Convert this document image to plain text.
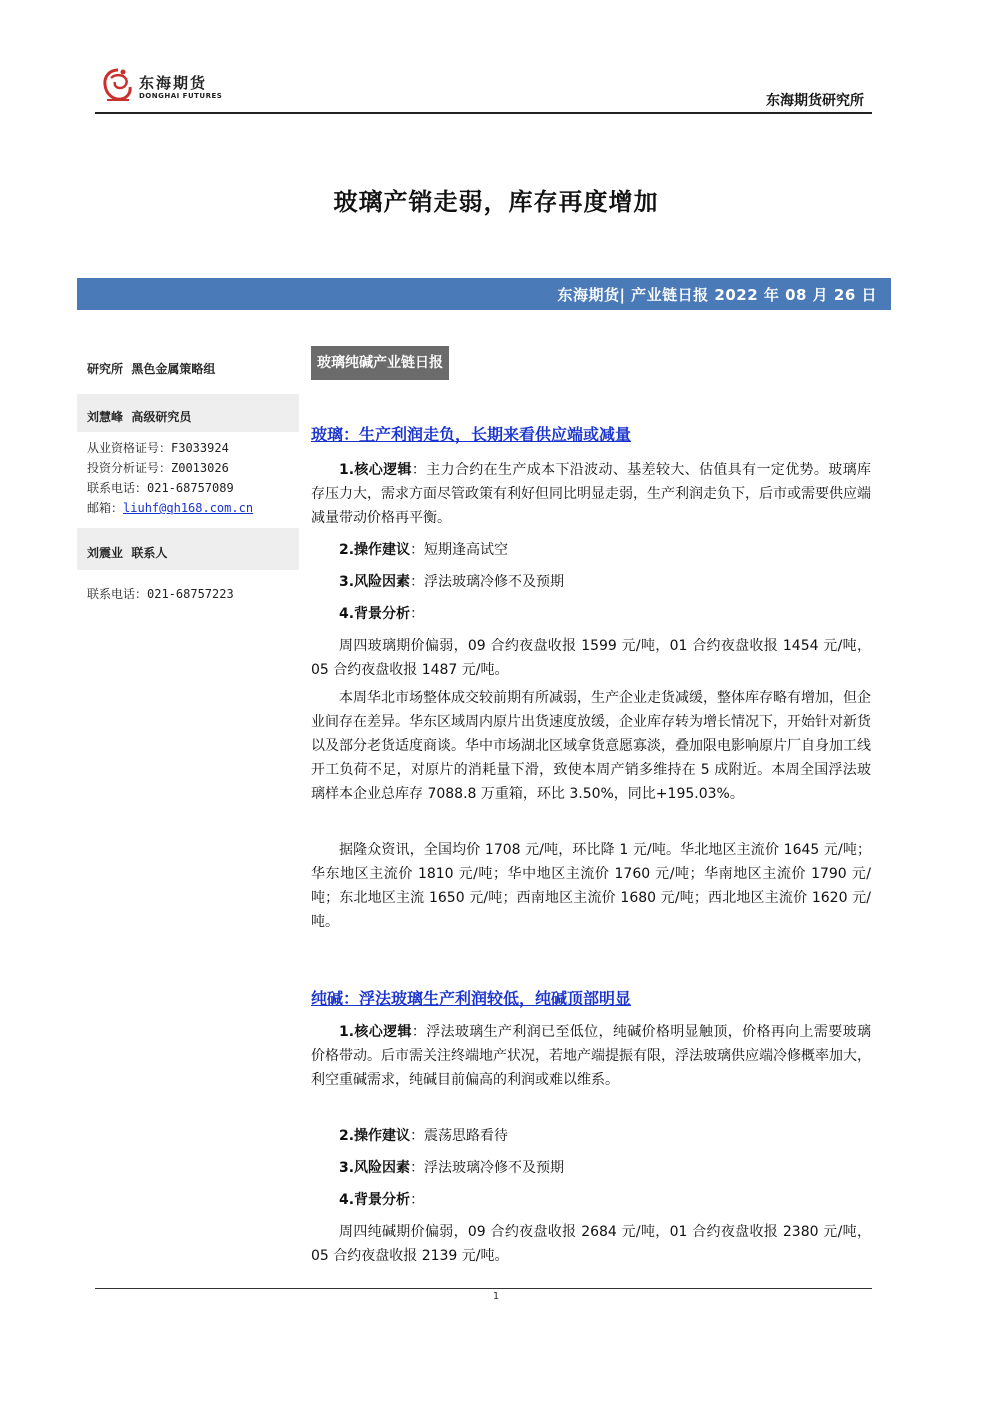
东海期货
DONGHAI FUTURES	东海期货研究所
玻璃产销走弱，库存再度增加
东海期货| 产业链日报 2022 年 08 月 26 日
研究所  黑色金属策略组
刘慧峰  高级研究员
从业资格证号：F3033924
投资分析证号：Z0013026
联系电话：021-68757089
邮箱：liuhf@qh168.com.cn
刘震业  联系人
联系电话：021-68757223
玻璃纯碱产业链日报
玻璃：生产利润走负，长期来看供应端或减量
1.核心逻辑：主力合约在生产成本下沿波动、基差较大、估值具有一定优势。玻璃库存压力大，需求方面尽管政策有利好但同比明显走弱，生产利润走负下，后市或需要供应端减量带动价格再平衡。
2.操作建议：短期逢高试空
3.风险因素：浮法玻璃冷修不及预期
4.背景分析：
周四玻璃期价偏弱，09 合约夜盘收报 1599 元/吨，01 合约夜盘收报 1454 元/吨，05 合约夜盘收报 1487 元/吨。
本周华北市场整体成交较前期有所减弱，生产企业走货减缓，整体库存略有增加，但企业间存在差异。华东区域周内原片出货速度放缓，企业库存转为增长情况下，开始针对新货以及部分老货适度商谈。华中市场湖北区域拿货意愿寡淡，叠加限电影响原片厂自身加工线开工负荷不足，对原片的消耗量下滑，致使本周产销多维持在 5 成附近。本周全国浮法玻璃样本企业总库存 7088.8 万重箱，环比 3.50%，同比+195.03%。
据隆众资讯，全国均价 1708 元/吨，环比降 1 元/吨。华北地区主流价 1645 元/吨；华东地区主流价 1810 元/吨；华中地区主流价 1760 元/吨；华南地区主流价 1790 元/吨；东北地区主流 1650 元/吨；西南地区主流价 1680 元/吨；西北地区主流价 1620 元/吨。
纯碱：浮法玻璃生产利润较低，纯碱顶部明显
1.核心逻辑：浮法玻璃生产利润已至低位，纯碱价格明显触顶，价格再向上需要玻璃价格带动。后市需关注终端地产状况，若地产端提振有限，浮法玻璃供应端冷修概率加大，利空重碱需求，纯碱目前偏高的利润或难以维系。
2.操作建议：震荡思路看待
3.风险因素：浮法玻璃冷修不及预期
4.背景分析：
周四纯碱期价偏弱，09 合约夜盘收报 2684 元/吨，01 合约夜盘收报 2380 元/吨，05 合约夜盘收报 2139 元/吨。
1
